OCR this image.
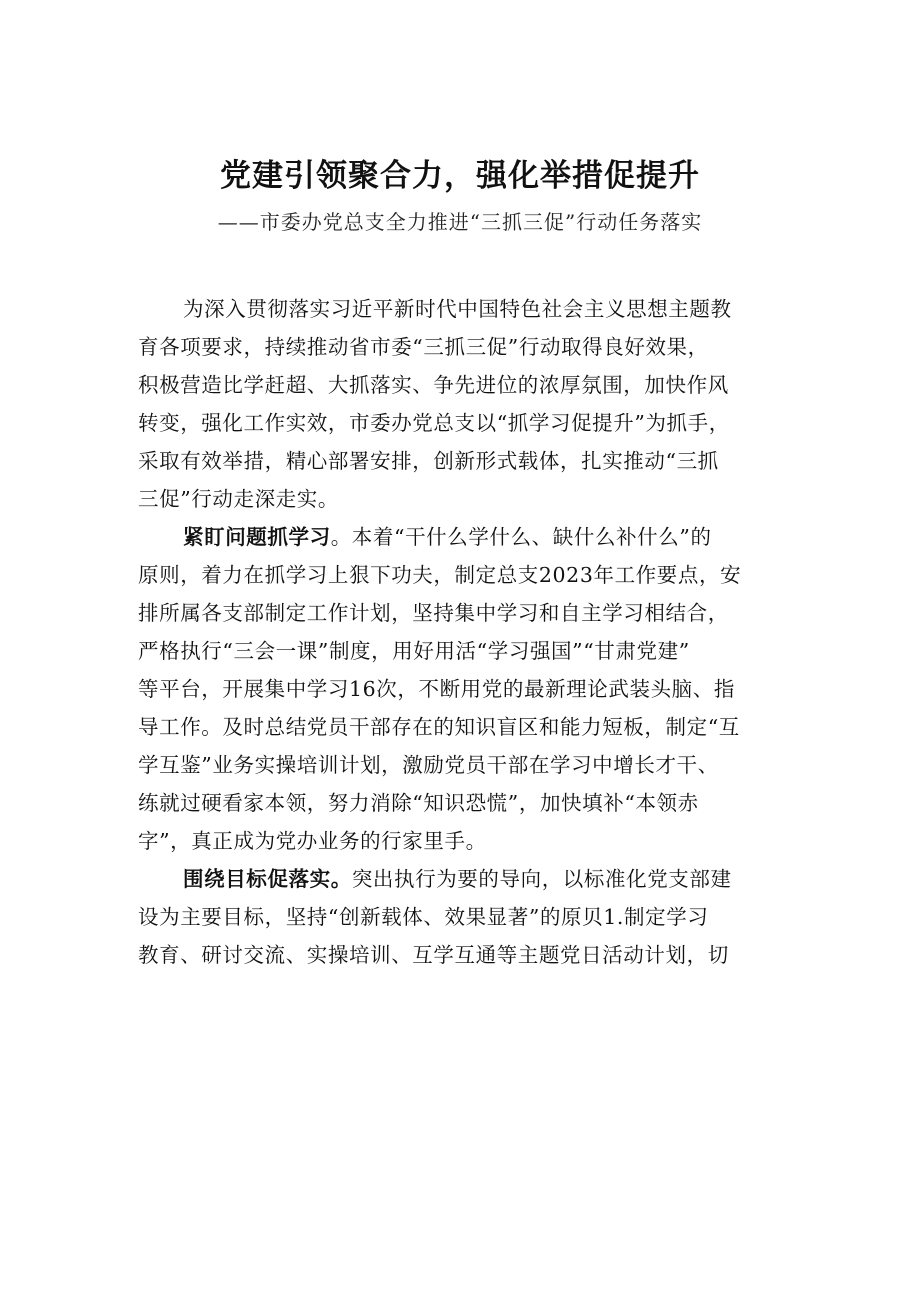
党建引领聚合力，强化举措促提升
——市委办党总支全力推进“三抓三促”行动任务落实
为深入贯彻落实习近平新时代中国特色社会主义思想主题教
育各项要求，持续推动省市委“三抓三促”行动取得良好效果，
积极营造比学赶超、大抓落实、争先进位的浓厚氛围，加快作风
转变，强化工作实效，市委办党总支以“抓学习促提升”为抓手，
采取有效举措，精心部署安排，创新形式载体，扎实推动“三抓
三促”行动走深走实。
紧盯问题抓学习。本着“干什么学什么、缺什么补什么”的
原则，着力在抓学习上狠下功夫，制定总支2023年工作要点，安
排所属各支部制定工作计划，坚持集中学习和自主学习相结合，
严格执行“三会一课”制度，用好用活“学习强国”“甘肃党建”
等平台，开展集中学习16次，不断用党的最新理论武装头脑、指
导工作。及时总结党员干部存在的知识盲区和能力短板，制定“互
学互鉴”业务实操培训计划，激励党员干部在学习中增长才干、
练就过硬看家本领，努力消除“知识恐慌”，加快填补“本领赤
字”，真正成为党办业务的行家里手。
围绕目标促落实。突出执行为要的导向，以标准化党支部建
设为主要目标，坚持“创新载体、效果显著”的原贝1.制定学习
教育、研讨交流、实操培训、互学互通等主题党日活动计划，切
